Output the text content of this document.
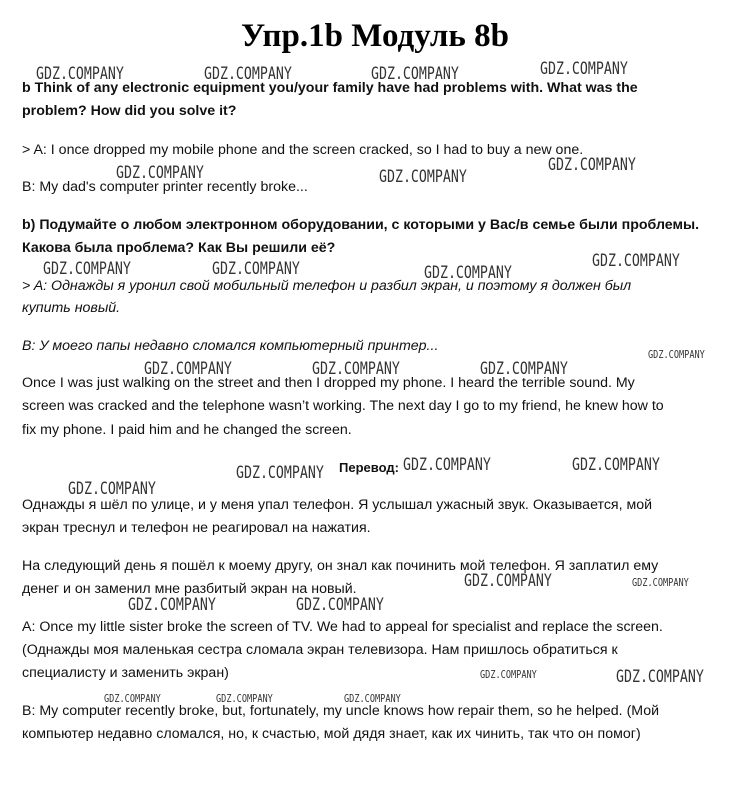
Упр.1b Модуль 8b
b Think of any electronic equipment you/your family have had problems with. What was the
problem? How did you solve it?
> A: I once dropped my mobile phone and the screen cracked, so I had to buy a new one.
B: My dad's computer printer recently broke...
b) Подумайте о любом электронном оборудовании, с которыми у Вас/в семье были проблемы.
Какова была проблема? Как Вы решили её?
> A: Однажды я уронил свой мобильный телефон и разбил экран, и поэтому я должен был
купить новый.
B: У моего папы недавно сломался компьютерный принтер...
Once I was just walking on the street and then I dropped my phone. I heard the terrible sound. My
screen was cracked and the telephone wasn’t working. The next day I go to my friend, he knew how to
fix my phone. I paid him and he changed the screen.
Перевод:
Однажды я шёл по улице, и у меня упал телефон. Я услышал ужасный звук. Оказывается, мой
экран треснул и телефон не реагировал на нажатия.
На следующий день я пошёл к моему другу, он знал как починить мой телефон. Я заплатил ему
денег и он заменил мне разбитый экран на новый.
A: Once my little sister broke the screen of TV. We had to appeal for specialist and replace the screen.
(Однажды моя маленькая сестра сломала экран телевизора. Нам пришлось обратиться к
специалисту и заменить экран)
B: My computer recently broke, but, fortunately, my uncle knows how repair them, so he helped. (Мой
компьютер недавно сломался, но, к счастью, мой дядя знает, как их чинить, так что он помог)
GDZ.COMPANY	GDZ.COMPANY	GDZ.COMPANY	GDZ.COMPANY
GDZ.COMPANY	GDZ.COMPANY
GDZ.COMPANY
GDZ.COMPANY	GDZ.COMPANY	GDZ.COMPANY
GDZ.COMPANY
GDZ.COMPANY
GDZ.COMPANY	GDZ.COMPANY	GDZ.COMPANY
GDZ.COMPANY	GDZ.COMPANY	GDZ.COMPANY
GDZ.COMPANY
GDZ.COMPANY	GDZ.COMPANY
GDZ.COMPANY	GDZ.COMPANY
GDZ.COMPANY	GDZ.COMPANY
GDZ.COMPANY	GDZ.COMPANY	GDZ.COMPANY
